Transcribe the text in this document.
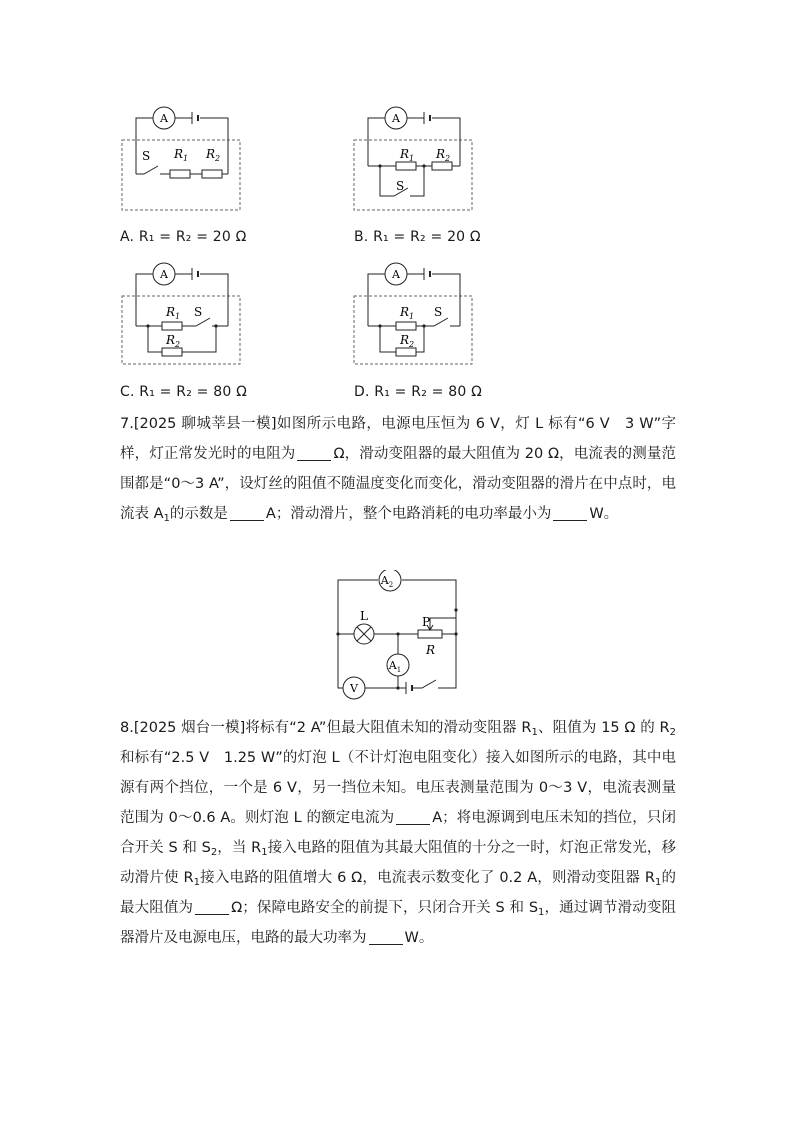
A
S $R_1$ $R_2$
A
S
$R_1$ $R_2$
A. R₁ = R₂ = 20 Ω	B. R₁ = R₂ = 20 Ω
A
S
$R_1$
$R_2$
A
S
$R_1$
$R_2$
C. R₁ = R₂ = 80 Ω	D. R₁ = R₂ = 80 Ω
7.[2025 聊城莘县一模]如图所示电路，电源电压恒为 6 V，灯 L 标有“6 V　3 W”字样，灯正常发光时的电阻为	Ω，滑动变阻器的最大阻值为 20 Ω，电流表的测量范围都是“0～3 A”，设灯丝的阻值不随温度变化而变化，滑动变阻器的滑片在中点时，电流表 $A_1$的示数是	A；滑动滑片，整个电路消耗的电功率最小为	W。
$A_2$
L	P
R
$A_1$
V
8.[2025 烟台一模]将标有“2 A”但最大阻值未知的滑动变阻器 $R_1$、阻值为 15 Ω 的 $R_2$和标有“2.5 V　1.25 W”的灯泡 L（不计灯泡电阻变化）接入如图所示的电路，其中电源有两个挡位，一个是 6 V，另一挡位未知。电压表测量范围为 0～3 V，电流表测量范围为 0～0.6 A。则灯泡 L 的额定电流为	A；将电源调到电压未知的挡位，只闭合开关 S 和 $S_2$，当 $R_1$接入电路的阻值为其最大阻值的十分之一时，灯泡正常发光，移动滑片使 $R_1$接入电路的阻值增大 6 Ω，电流表示数变化了 0.2 A，则滑动变阻器 $R_1$的最大阻值为	Ω；保障电路安全的前提下，只闭合开关 S 和 $S_1$，通过调节滑动变阻器滑片及电源电压，电路的最大功率为	W。
